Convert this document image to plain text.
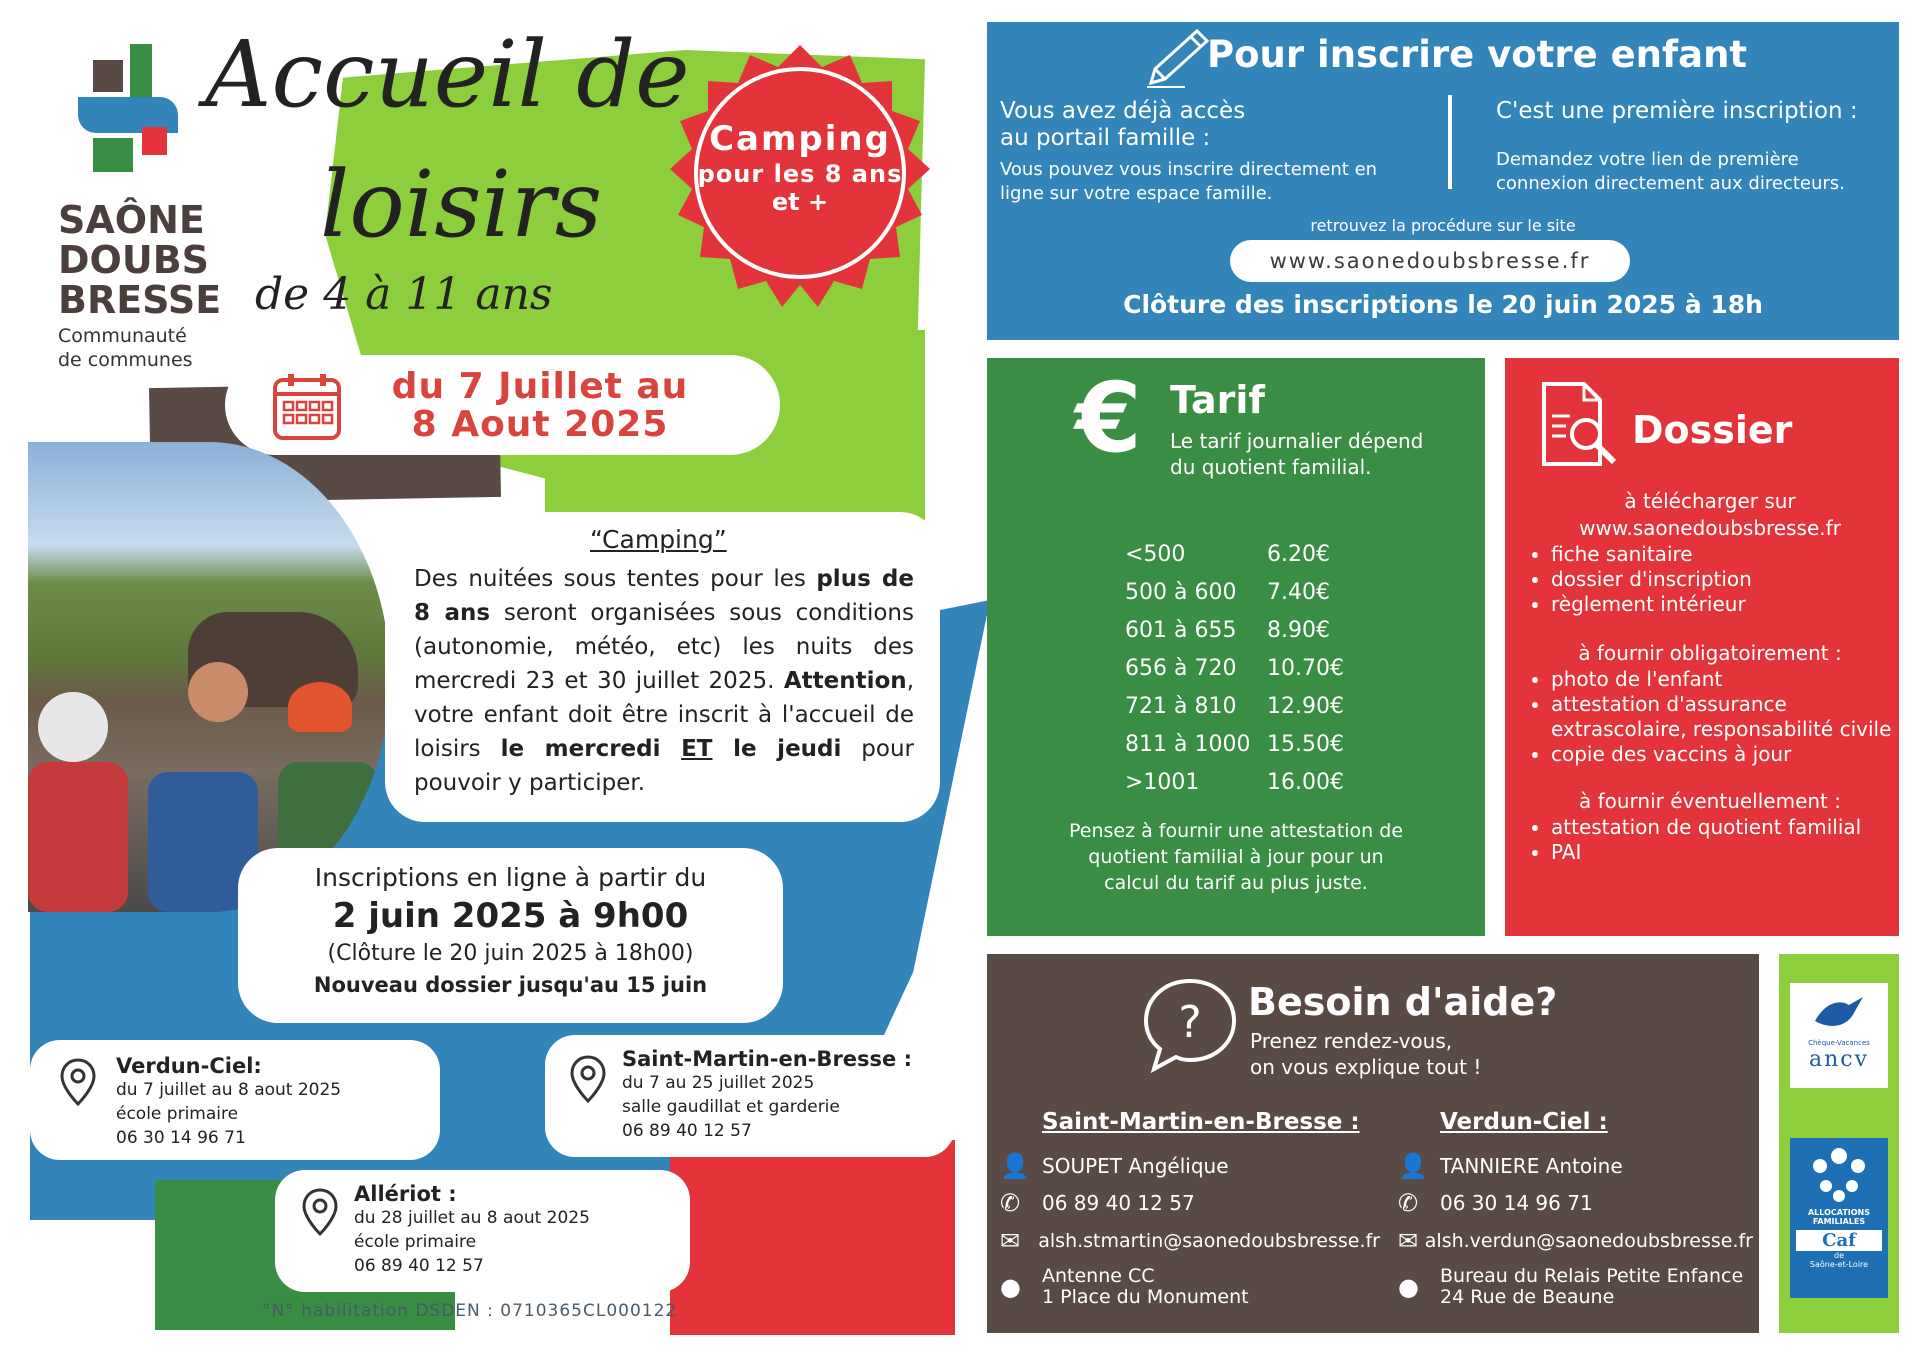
SAÔNE
DOUBS
BRESSE
Communauté
de communes
Accueil de
loisirs
de 4 à 11 ans
Camping
pour les 8 ans
et +
du 7 Juillet au
8 Aout 2025
“Camping”
Des nuitées sous tentes pour les plus de 8 ans seront organisées sous conditions (autonomie, météo, etc) les nuits des mercredi 23 et 30 juillet 2025. Attention, votre enfant doit être inscrit à l'accueil de loisirs le mercredi ET le jeudi pour pouvoir y participer.
Inscriptions en ligne à partir du
2 juin 2025 à 9h00
(Clôture le 20 juin 2025 à 18h00)
Nouveau dossier jusqu'au 15 juin
Verdun-Ciel:
du 7 juillet au 8 aout 2025
école primaire
06 30 14 96 71
Saint-Martin-en-Bresse :
du 7 au 25 juillet 2025
salle gaudillat et garderie
06 89 40 12 57
Allériot :
du 28 juillet au 8 aout 2025
école primaire
06 89 40 12 57
°N° habilitation DSDEN : 0710365CL000122
Pour inscrire votre enfant
Vous avez déjà accès
au portail famille :
Vous pouvez vous inscrire directement en
ligne sur votre espace famille.
C'est une première inscription :
Demandez votre lien de première
connexion directement aux directeurs.
retrouvez la procédure sur le site
www.saonedoubsbresse.fr
Clôture des inscriptions le 20 juin 2025 à 18h
€ Tarif
Le tarif journalier dépend
du quotient familial.
<500	6.20€
500 à 600	7.40€
601 à 655	8.90€
656 à 720	10.70€
721 à 810	12.90€
811 à 1000 15.50€
>1001	16.00€
Pensez à fournir une attestation de
quotient familial à jour pour un
calcul du tarif au plus juste.
Dossier
à télécharger sur
www.saonedoubsbresse.fr
• fiche sanitaire
• dossier d'inscription
• règlement intérieur
à fournir obligatoirement :
• photo de l'enfant
• attestation d'assurance extrascolaire, responsabilité civile
• copie des vaccins à jour
à fournir éventuellement :
• attestation de quotient familial
• PAI
? Besoin d'aide?
Prenez rendez-vous,
on vous explique tout !
Saint-Martin-en-Bresse :
👤 SOUPET Angélique
✆	06 89 40 12 57
✉ alsh.stmartin@saonedoubsbresse.fr
●	Antenne CC
1 Place du Monument
Verdun-Ciel :
👤 TANNIERE Antoine
✆	06 30 14 96 71
✉ alsh.verdun@saonedoubsbresse.fr
●	Bureau du Relais Petite Enfance
24 Rue de Beaune
Chèque-Vacances
ancv
ALLOCATIONS
FAMILIALES
Caf
de
Saône-et-Loire
